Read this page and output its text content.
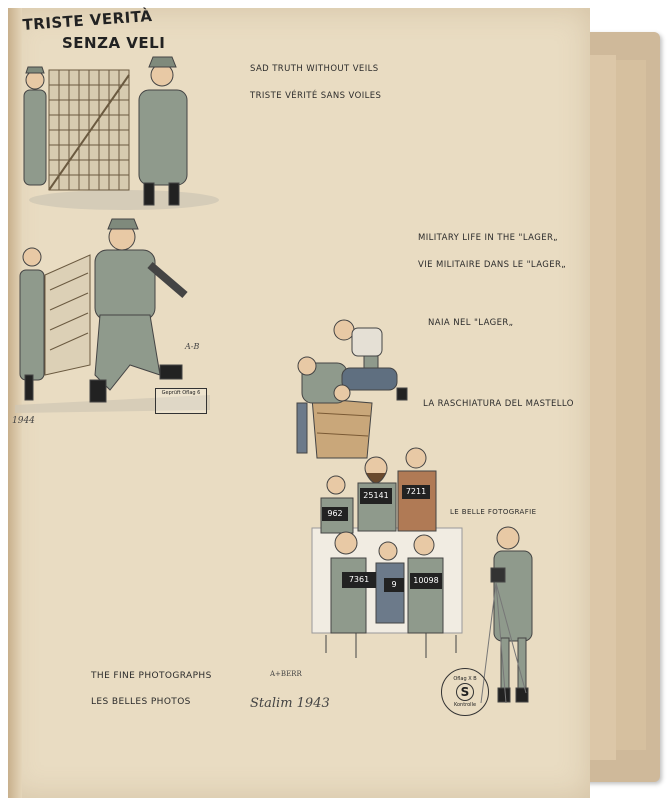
TRISTE VERITÀ
SENZA VELI
Geprüft Oflag 6
A-B
1944
SAD TRUTH WITHOUT VEILS
TRISTE VÉRITÉ SANS VOILES
MILITARY LIFE IN THE "LAGER„
VIE MILITAIRE DANS LE "LAGER„
NAIA NEL "LAGER„
LA RASCHIATURA DEL MASTELLO
962
25141	7211
7361
9	10098
LE BELLE FOTOGRAFIE
THE FINE PHOTOGRAPHS
LES BELLES PHOTOS
A+BERR
Stalim 1943
Oflag X B
S
Kontrolle
